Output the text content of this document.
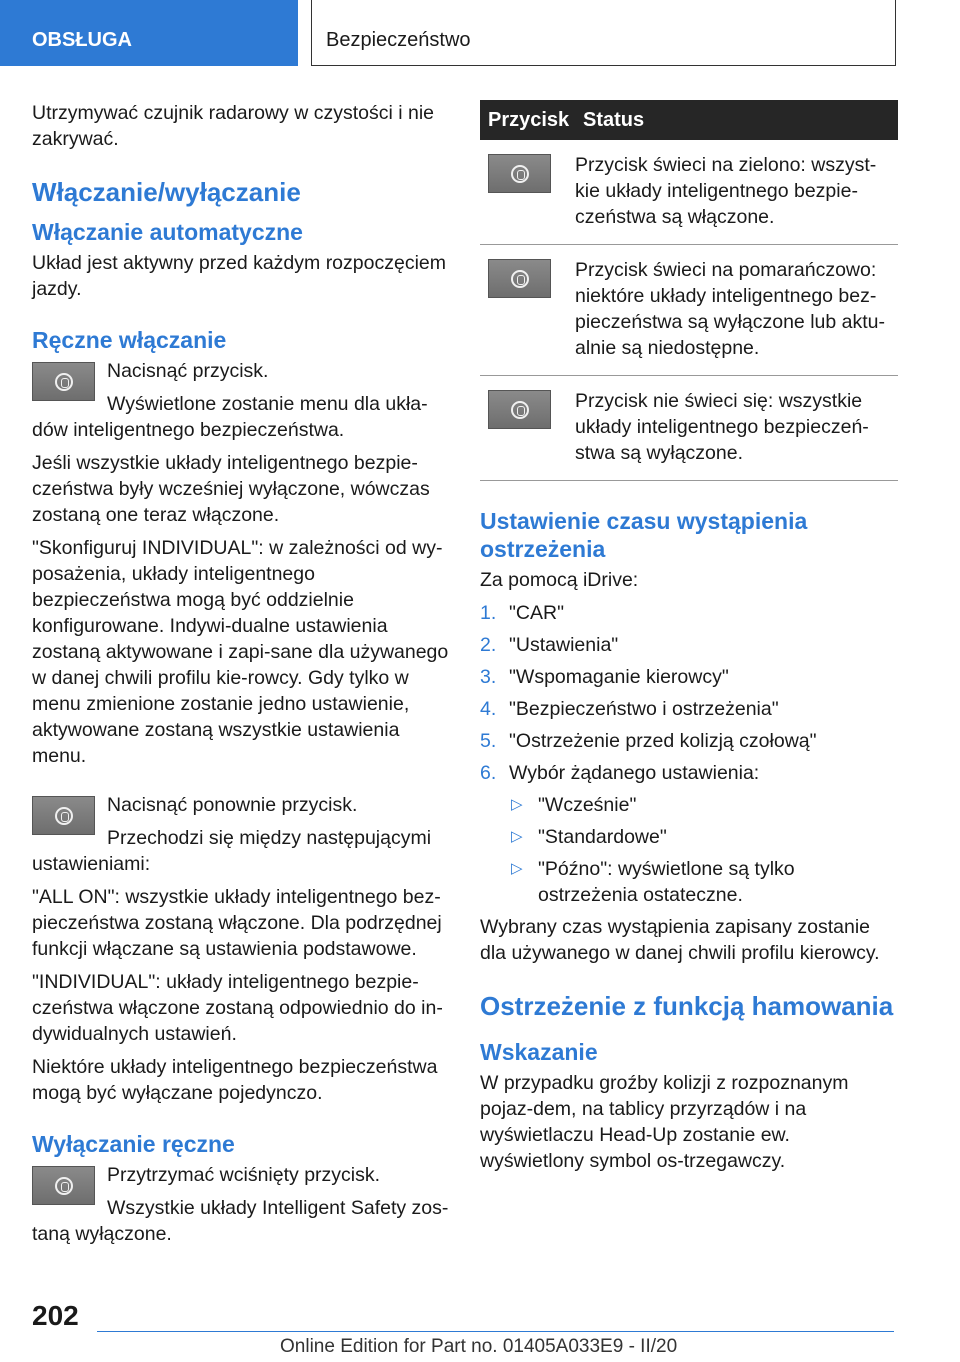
OBSŁUGA	Bezpieczeństwo

Utrzymywać czujnik radarowy w czystości i nie zakrywać.

Włączanie/wyłączanie
Włączanie automatyczne

Układ jest aktywny przed każdym rozpoczęciem jazdy.

Ręczne włączanie

Nacisnąć przycisk.

Wyświetlone zostanie menu dla ukła-dów inteligentnego bezpieczeństwa.

Jeśli wszystkie układy inteligentnego bezpie-czeństwa były wcześniej wyłączone, wówczas zostaną one teraz włączone.

"Skonfiguruj INDIVIDUAL": w zależności od wy-posażenia, układy inteligentnego bezpieczeństwa mogą być oddzielnie konfigurowane. Indywi-dualne ustawienia zostaną aktywowane i zapi-sane dla używanego w danej chwili profilu kie-rowcy. Gdy tylko w menu zmienione zostanie jedno ustawienie, aktywowane zostaną wszystkie ustawienia menu.

Nacisnąć ponownie przycisk.

Przechodzi się między następującymi ustawieniami:

"ALL ON": wszystkie układy inteligentnego bez-pieczeństwa zostaną włączone. Dla podrzędnej funkcji włączane są ustawienia podstawowe.

"INDIVIDUAL": układy inteligentnego bezpie-czeństwa włączone zostaną odpowiednio do in-dywidualnych ustawień.

Niektóre układy inteligentnego bezpieczeństwa mogą być wyłączane pojedynczo.

Wyłączanie ręczne

Przytrzymać wciśnięty przycisk.

Wszystkie układy Intelligent Safety zos-taną wyłączone.

Przycisk	Status

	Przycisk świeci na zielono: wszyst-kie układy inteligentnego bezpie-czeństwa są włączone.

	Przycisk świeci na pomarańczowo: niektóre układy inteligentnego bez-pieczeństwa są wyłączone lub aktu-alnie są niedostępne.

	Przycisk nie świeci się: wszystkie układy inteligentnego bezpieczeń-stwa są wyłączone.
Ustawienie czasu wystąpienia ostrzeżenia

Za pomocą iDrive:

1. "CAR"
2. "Ustawienia"
3. "Wspomaganie kierowcy"
4. "Bezpieczeństwo i ostrzeżenia"
5. "Ostrzeżenie przed kolizją czołową"
6. Wybór żądanego ustawienia:
▷ "Wcześnie"
▷ "Standardowe"
▷ "Późno": wyświetlone są tylko ostrzeżenia ostateczne.

Wybrany czas wystąpienia zapisany zostanie dla używanego w danej chwili profilu kierowcy.

Ostrzeżenie z funkcją hamowania
Wskazanie

W przypadku groźby kolizji z rozpoznanym pojaz-dem, na tablicy przyrządów i na wyświetlaczu Head-Up zostanie ew. wyświetlony symbol os-trzegawczy.

202
Online Edition for Part no. 01405A033E9 - II/20
